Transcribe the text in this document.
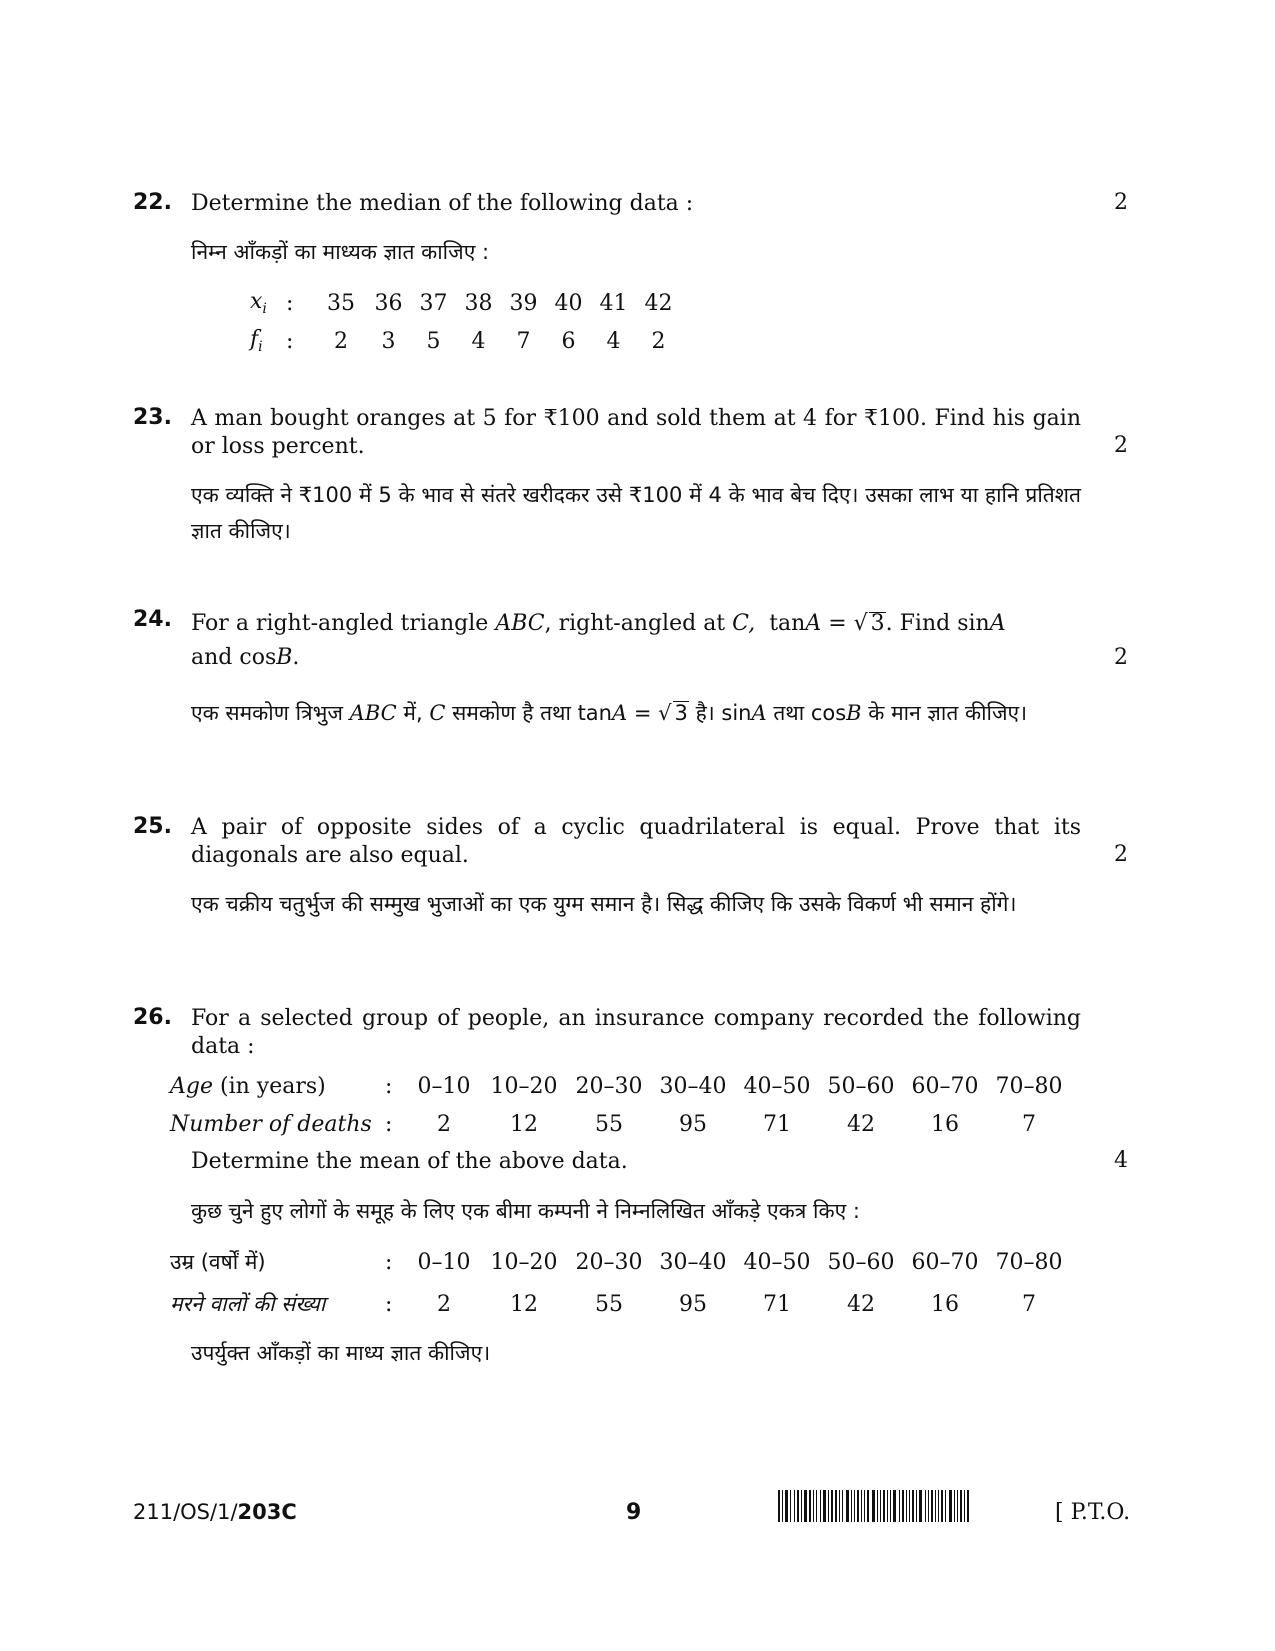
22. Determine the median of the following data :	2
निम्न आँकड़ों का माध्यक ज्ञात काजिए :
$x_i$	:	35	36	37	38	39	40	41	42
$f_i$	:	2	3	5	4	7	6	4	2
23. A man bought oranges at 5 for ₹100 and sold them at 4 for ₹100. Find his gain or loss percent.	2
एक व्यक्ति ने ₹100 में 5 के भाव से संतरे खरीदकर उसे ₹100 में 4 के भाव बेच दिए। उसका लाभ या हानि प्रतिशत ज्ञात कीजिए।
24. For a right-angled triangle ABC, right-angled at C, tanA = √ 3. Find sinA
and cosB.	2
एक समकोण त्रिभुज ABC में, C समकोण है तथा tanA = √ 3 है। sinA तथा cosB के मान ज्ञात कीजिए।
25. A pair of opposite sides of a cyclic quadrilateral is equal. Prove that its diagonals are also equal.	2
एक चक्रीय चतुर्भुज की सम्मुख भुजाओं का एक युग्म समान है। सिद्ध कीजिए कि उसके विकर्ण भी समान होंगे।
26. For a selected group of people, an insurance company recorded the following data :
Age (in years)	:	0–10	10–20	20–30	30–40	40–50	50–60	60–70	70–80
Number of deaths	:	2	12	55	95	71	42	16	7
Determine the mean of the above data.	4
कुछ चुने हुए लोगों के समूह के लिए एक बीमा कम्पनी ने निम्नलिखित आँकड़े एकत्र किए :
उम्र (वर्षों में)	:	0–10	10–20	20–30	30–40	40–50	50–60	60–70	70–80
मरने वालों की संख्या	:	2	12	55	95	71	42	16	7
उपर्युक्त आँकड़ों का माध्य ज्ञात कीजिए।
211/OS/1/203C	9	[ P.T.O.
